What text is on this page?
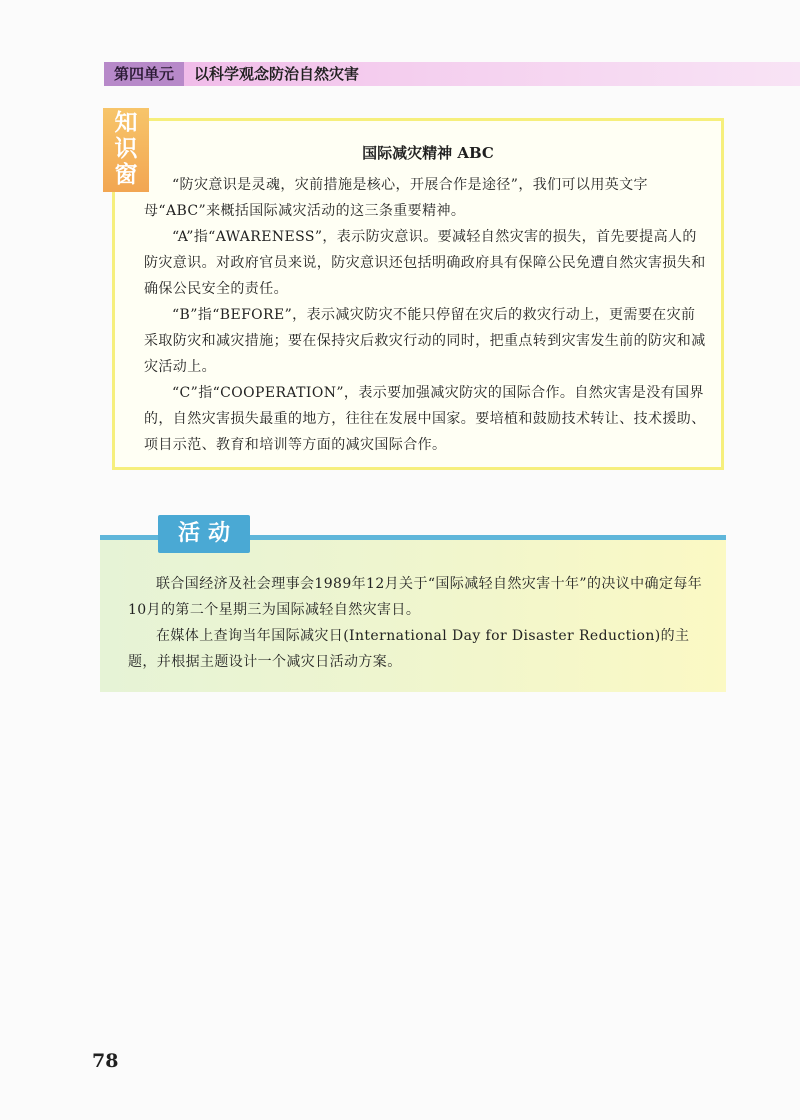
第四单元	以科学观念防治自然灾害
知
识
窗
国际减灾精神 ABC

“防灾意识是灵魂，灾前措施是核心，开展合作是途径”，我们可以用英文字母“ABC”来概括国际减灾活动的这三条重要精神。

“A”指“AWARENESS”，表示防灾意识。要减轻自然灾害的损失，首先要提高人的防灾意识。对政府官员来说，防灾意识还包括明确政府具有保障公民免遭自然灾害损失和确保公民安全的责任。

“B”指“BEFORE”，表示减灾防灾不能只停留在灾后的救灾行动上，更需要在灾前采取防灾和减灾措施；要在保持灾后救灾行动的同时，把重点转到灾害发生前的防灾和减灾活动上。

“C”指“COOPERATION”，表示要加强减灾防灾的国际合作。自然灾害是没有国界的，自然灾害损失最重的地方，往往在发展中国家。要培植和鼓励技术转让、技术援助、项目示范、教育和培训等方面的减灾国际合作。

活动

联合国经济及社会理事会1989年12月关于“国际减轻自然灾害十年”的决议中确定每年10月的第二个星期三为国际减轻自然灾害日。

在媒体上查询当年国际减灾日(International Day for Disaster Reduction)的主题，并根据主题设计一个减灾日活动方案。

78
